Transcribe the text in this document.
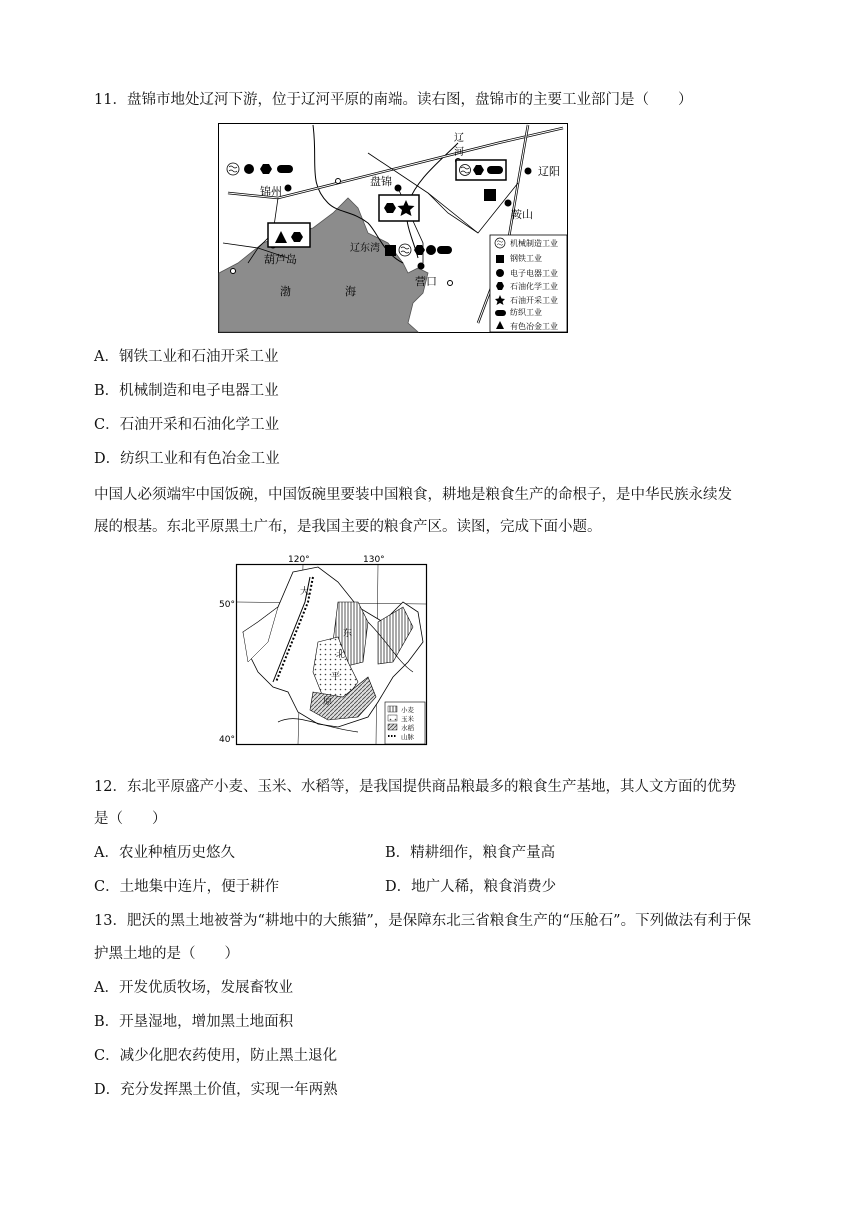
11．盘锦市地处辽河下游，位于辽河平原的南端。读右图，盘锦市的主要工业部门是（　　）
锦州
盘锦
辽阳
鞍山
葫芦岛
辽东湾
营口
辽
河
渤	海
机械制造工业
钢铁工业
电子电器工业
石油化学工业
石油开采工业
纺织工业
有色冶金工业
A．钢铁工业和石油开采工业
B．机械制造和电子电器工业
C．石油开采和石油化学工业
D．纺织工业和有色冶金工业
中国人必须端牢中国饭碗，中国饭碗里要装中国粮食，耕地是粮食生产的命根子，是中华民族永续发
展的根基。东北平原黑土广布，是我国主要的粮食产区。读图，完成下面小题。
120°	130°
50°
40°
大
东
北
平
原
小麦
玉米
水稻
山脉
12．东北平原盛产小麦、玉米、水稻等，是我国提供商品粮最多的粮食生产基地，其人文方面的优势
是（　　）
A．农业种植历史悠久	B．精耕细作，粮食产量高
C．土地集中连片，便于耕作	D．地广人稀，粮食消费少
13．肥沃的黑土地被誉为“耕地中的大熊猫”，是保障东北三省粮食生产的“压舱石”。下列做法有利于保
护黑土地的是（　　）
A．开发优质牧场，发展畜牧业
B．开垦湿地，增加黑土地面积
C．减少化肥农药使用，防止黑土退化
D．充分发挥黑土价值，实现一年两熟
